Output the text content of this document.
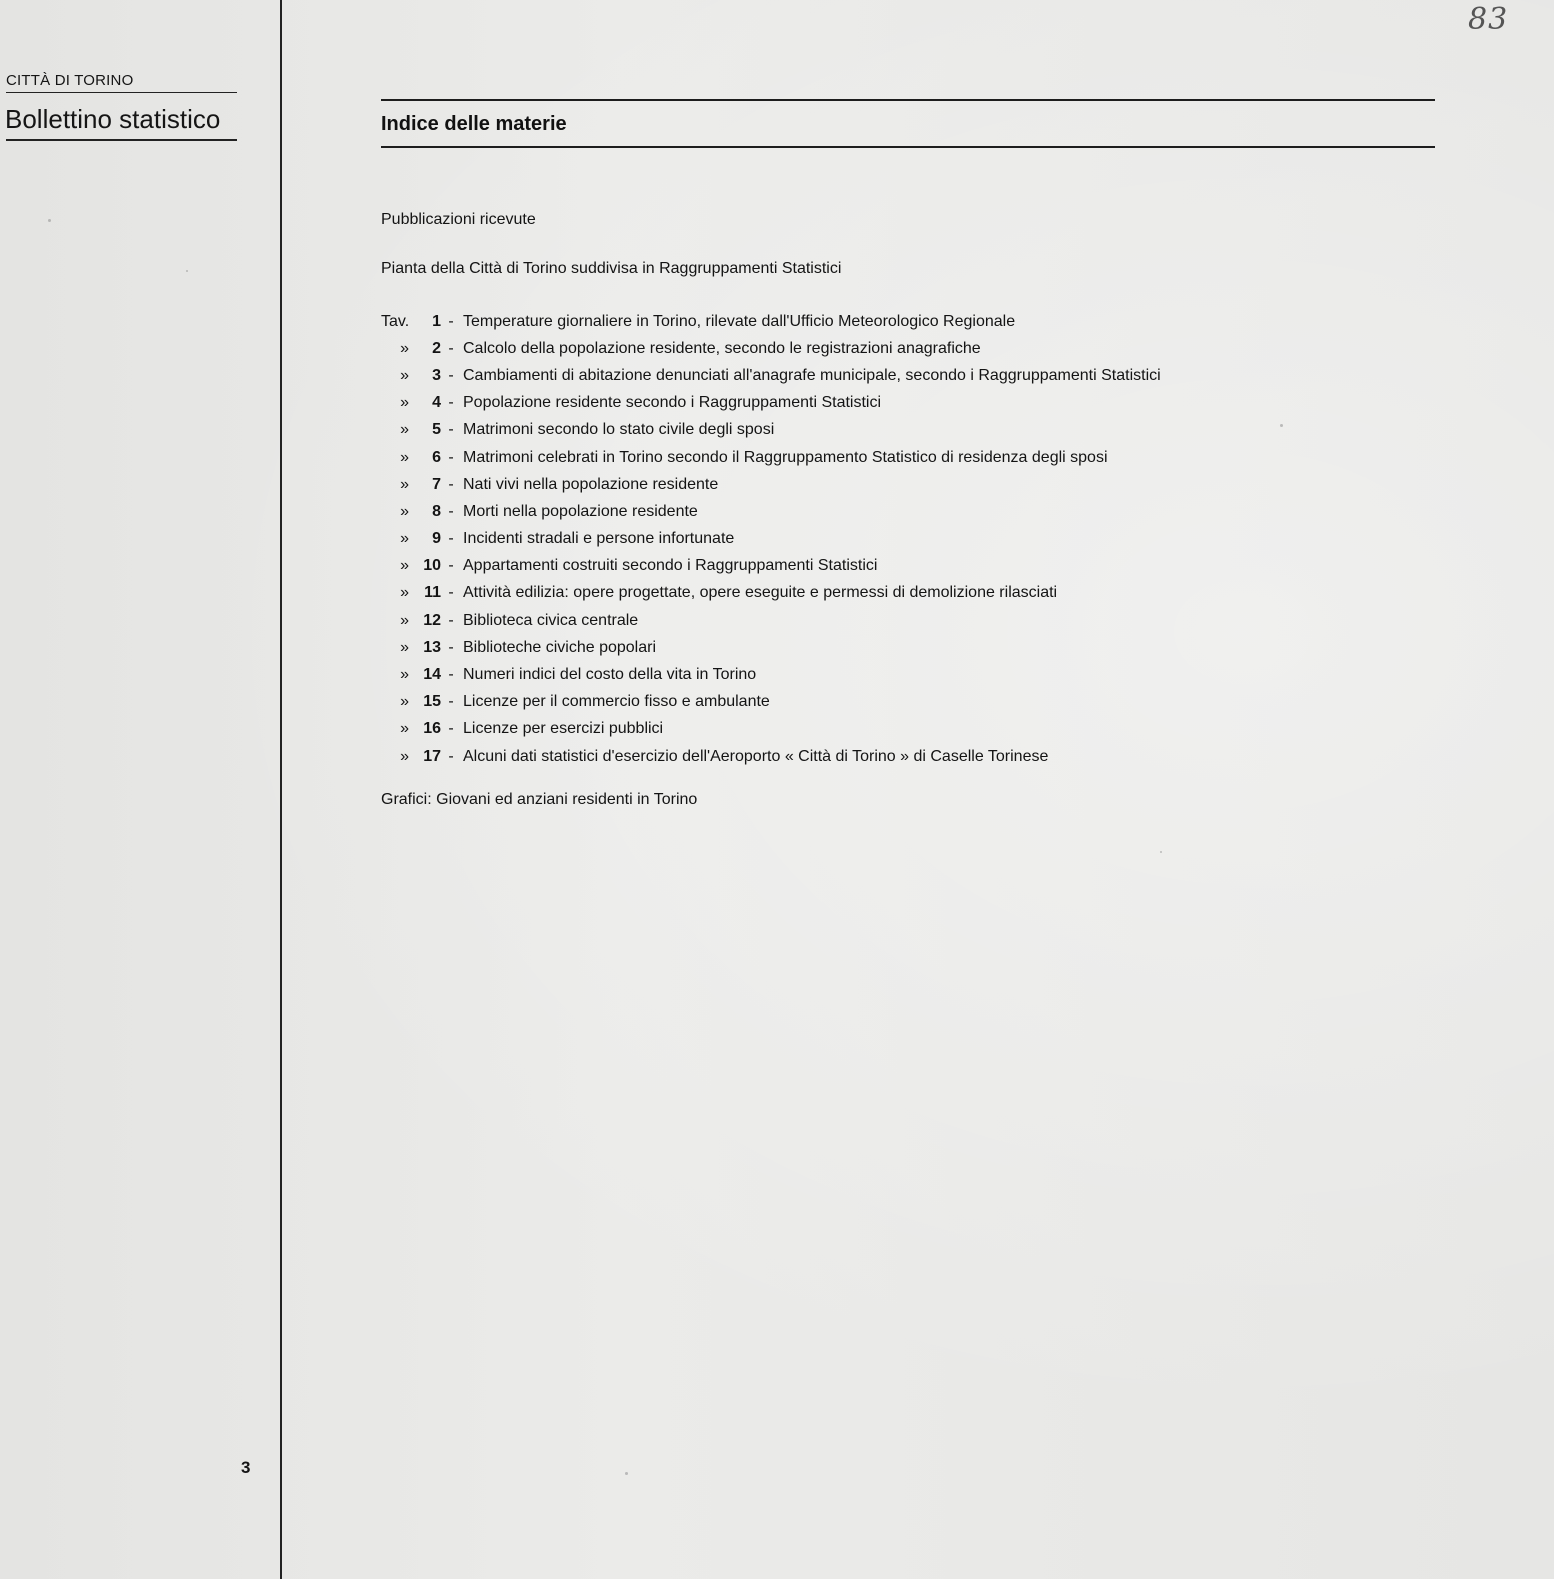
CITTÀ DI TORINO
Bollettino statistico
3
83
Indice delle materie
Pubblicazioni ricevute
Pianta della Città di Torino suddivisa in Raggruppamenti Statistici
Tav.	1 - Temperature giornaliere in Torino, rilevate dall'Ufficio Meteorologico Regionale
»	2 - Calcolo della popolazione residente, secondo le registrazioni anagrafiche
»	3 - Cambiamenti di abitazione denunciati all'anagrafe municipale, secondo i Raggruppamenti Statistici
»	4 - Popolazione residente secondo i Raggruppamenti Statistici
»	5 - Matrimoni secondo lo stato civile degli sposi
»	6 - Matrimoni celebrati in Torino secondo il Raggruppamento Statistico di residenza degli sposi
»	7 - Nati vivi nella popolazione residente
»	8 - Morti nella popolazione residente
»	9 - Incidenti stradali e persone infortunate
» 10 - Appartamenti costruiti secondo i Raggruppamenti Statistici
» 11 - Attività edilizia: opere progettate, opere eseguite e permessi di demolizione rilasciati
» 12 - Biblioteca civica centrale
» 13 - Biblioteche civiche popolari
» 14 - Numeri indici del costo della vita in Torino
» 15 - Licenze per il commercio fisso e ambulante
» 16 - Licenze per esercizi pubblici
» 17 - Alcuni dati statistici d'esercizio dell'Aeroporto « Città di Torino » di Caselle Torinese
Grafici: Giovani ed anziani residenti in Torino
